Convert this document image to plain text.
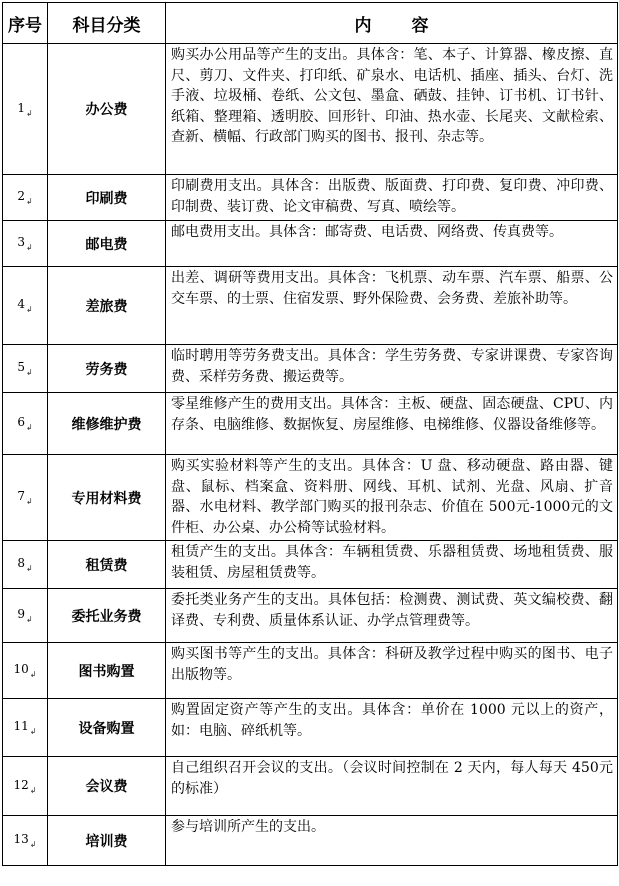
序号	科目分类	内容
$1_↲$	办公费	购买办公用品等产生的支出。具体含：笔、本子、计算器、橡皮擦、直尺、剪刀、文件夹、打印纸、矿泉水、电话机、插座、插头、台灯、洗手液、垃圾桶、卷纸、公文包、墨盒、硒鼓、挂钟、订书机、订书针、纸箱、整理箱、透明胶、回形针、印油、热水壶、长尾夹、文献检索、查新、横幅、行政部门购买的图书、报刊、杂志等。
$2_↲$	印刷费	印刷费用支出。具体含：出版费、版面费、打印费、复印费、冲印费、印制费、装订费、论文审稿费、写真、喷绘等。
$3_↲$	邮电费	邮电费用支出。具体含：邮寄费、电话费、网络费、传真费等。
$4_↲$	差旅费	出差、调研等费用支出。具体含：飞机票、动车票、汽车票、船票、公交车票、的士票、住宿发票、野外保险费、会务费、差旅补助等。
$5_↲$	劳务费	临时聘用等劳务费支出。具体含：学生劳务费、专家讲课费、专家咨询费、采样劳务费、搬运费等。
$6_↲$	维修维护费	零星维修产生的费用支出。具体含：主板、硬盘、固态硬盘、CPU、内存条、电脑维修、数据恢复、房屋维修、电梯维修、仪器设备维修等。
$7_↲$	专用材料费	购买实验材料等产生的支出。具体含：U 盘、移动硬盘、路由器、键盘、鼠标、档案盒、资料册、网线、耳机、试剂、光盘、风扇、扩音器、水电材料、教学部门购买的报刊杂志、价值在 500元-1000元的文件柜、办公桌、办公椅等试验材料。
$8_↲$	租赁费	租赁产生的支出。具体含：车辆租赁费、乐器租赁费、场地租赁费、服装租赁、房屋租赁费等。
$9_↲$	委托业务费	委托类业务产生的支出。具体包括：检测费、测试费、英文编校费、翻译费、专利费、质量体系认证、办学点管理费等。
$10_↲$	图书购置	购买图书等产生的支出。具体含：科研及教学过程中购买的图书、电子出版物等。
$11_↲$	设备购置	购置固定资产等产生的支出。具体含：单价在 1000 元以上的资产，如：电脑、碎纸机等。
$12_↲$	会议费	自己组织召开会议的支出。（会议时间控制在 2 天内，每人每天 450元的标准）
$13_↲$	培训费	参与培训所产生的支出。
